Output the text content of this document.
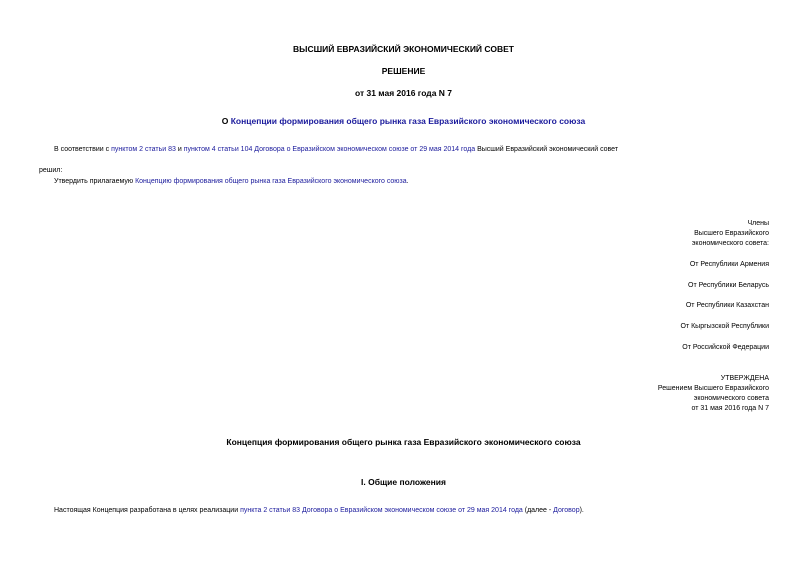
ВЫСШИЙ ЕВРАЗИЙСКИЙ ЭКОНОМИЧЕСКИЙ СОВЕТ
РЕШЕНИЕ
от 31 мая 2016 года N 7
О Концепции формирования общего рынка газа Евразийского экономического союза
В соответствии с пунктом 2 статьи 83 и пунктом 4 статьи 104 Договора о Евразийском экономическом союзе от 29 мая 2014 года Высший Евразийский экономический совет
решил:
Утвердить прилагаемую Концепцию формирования общего рынка газа Евразийского экономического союза.
Члены
Высшего Евразийского
экономического совета:
От Республики Армения
От Республики Беларусь
От Республики Казахстан
От Кыргызской Республики
От Российской Федерации
УТВЕРЖДЕНА
Решением Высшего Евразийского
экономического совета
от 31 мая 2016 года N 7
Концепция формирования общего рынка газа Евразийского экономического союза
I. Общие положения
Настоящая Концепция разработана в целях реализации пункта 2 статьи 83 Договора о Евразийском экономическом союзе от 29 мая 2014 года (далее - Договор).
